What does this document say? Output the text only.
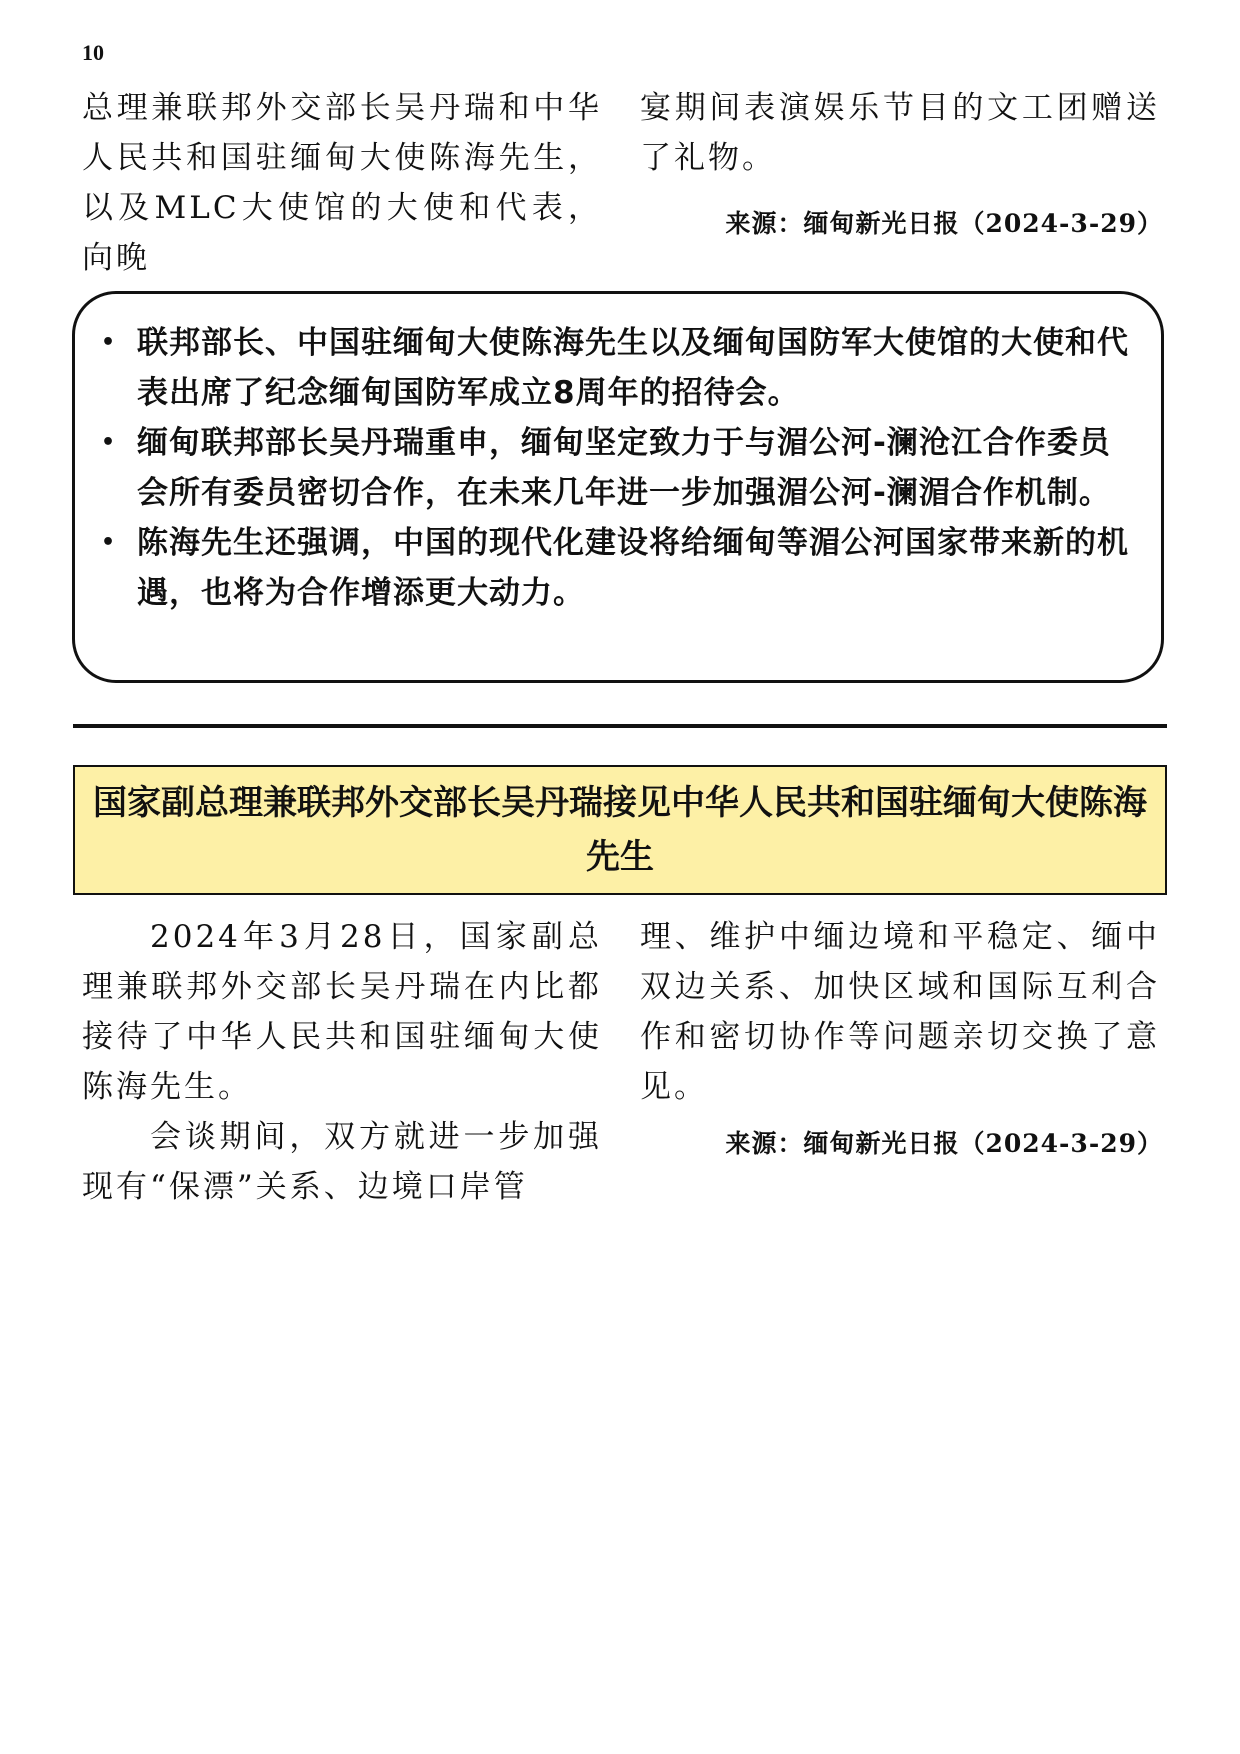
10

总理兼联邦外交部长吴丹瑞和中华人民共和国驻缅甸大使陈海先生，以及MLC大使馆的大使和代表，向晚

宴期间表演娱乐节目的文工团赠送了礼物。

来源：缅甸新光日报（2024-3-29）
• 联邦部长、中国驻缅甸大使陈海先生以及缅甸国防军大使馆的大使和代表出席了纪念缅甸国防军成立8周年的招待会。
• 缅甸联邦部长吴丹瑞重申，缅甸坚定致力于与湄公河-澜沧江合作委员会所有委员密切合作，在未来几年进一步加强湄公河-澜湄合作机制。
• 陈海先生还强调，中国的现代化建设将给缅甸等湄公河国家带来新的机遇，也将为合作增添更大动力。

国家副总理兼联邦外交部长吴丹瑞接见中华人民共和国驻缅甸大使陈海先生

2024年3月28日，国家副总理兼联邦外交部长吴丹瑞在内比都接待了中华人民共和国驻缅甸大使陈海先生。

会谈期间，双方就进一步加强现有“保漂”关系、边境口岸管

理、维护中缅边境和平稳定、缅中双边关系、加快区域和国际互利合作和密切协作等问题亲切交换了意见。

来源：缅甸新光日报（2024-3-29）
